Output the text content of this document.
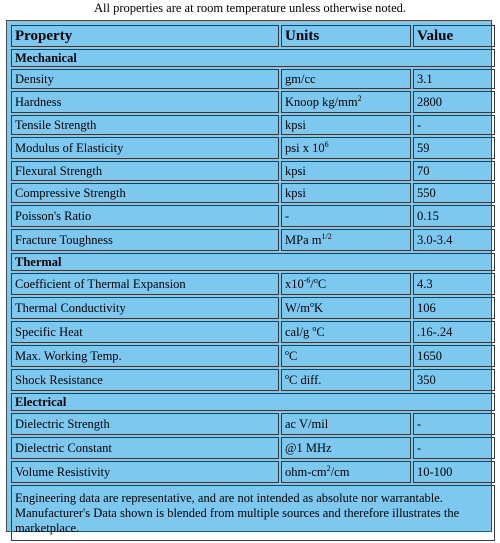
All properties are at room temperature unless otherwise noted.
Property	Units	Value
Mechanical		
Density	gm/cc	3.1
Hardness	Knoop $kg/mm^2$	2800
Tensile Strength	kpsi	-
Modulus of Elasticity	psi x $10^6$	59
Flexural Strength	kpsi	70
Compressive Strength	kpsi	550
Poisson's Ratio	-	0.15
Fracture Toughness	MPa $m^{1/2}$	3.0-3.4
Thermal		
Coefficient of Thermal Expansion	$x10^{-6}/^oC$	4.3
Thermal Conductivity	$W/m^oK$	106
Specific Heat	cal/g $^o$C	.16-.24
Max. Working Temp.	$^o$C	1650
Shock Resistance	$^o$C diff.	350
Electrical		
Dielectric Strength	ac V/mil	-
Dielectric Constant	@1 MHz	-
Volume Resistivity	ohm-$cm^2/cm$	10-100
Engineering data are representative, and are not intended as absolute nor warrantable. Manufacturer's Data shown is blended from multiple sources and therefore illustrates the marketplace.		
